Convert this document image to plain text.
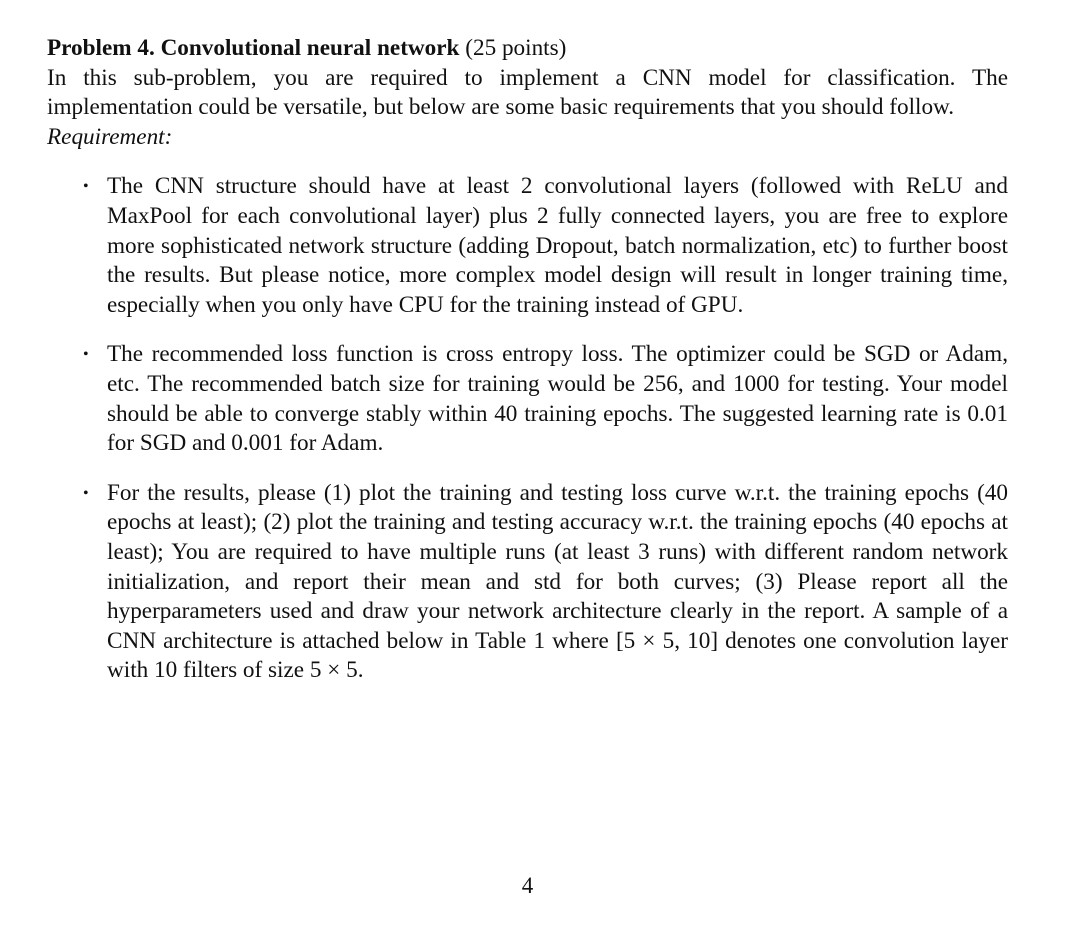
Problem 4. Convolutional neural network (25 points)

In this sub-problem, you are required to implement a CNN model for classification. The implementation could be versatile, but below are some basic requirements that you should follow.

Requirement:

• The CNN structure should have at least 2 convolutional layers (followed with ReLU and MaxPool for each convolutional layer) plus 2 fully connected layers, you are free to explore more sophisticated network structure (adding Dropout, batch normalization, etc) to further boost the results. But please notice, more complex model design will result in longer training time, especially when you only have CPU for the training instead of GPU.
• The recommended loss function is cross entropy loss. The optimizer could be SGD or Adam, etc. The recommended batch size for training would be 256, and 1000 for testing. Your model should be able to converge stably within 40 training epochs. The suggested learning rate is 0.01 for SGD and 0.001 for Adam.
• For the results, please (1) plot the training and testing loss curve w.r.t. the training epochs (40 epochs at least); (2) plot the training and testing accuracy w.r.t. the training epochs (40 epochs at least); You are required to have multiple runs (at least 3 runs) with different random network initialization, and report their mean and std for both curves; (3) Please report all the hyperparameters used and draw your network architecture clearly in the report. A sample of a CNN architecture is attached below in Table 1 where [5 × 5, 10] denotes one convolution layer with 10 filters of size 5 × 5.
4
